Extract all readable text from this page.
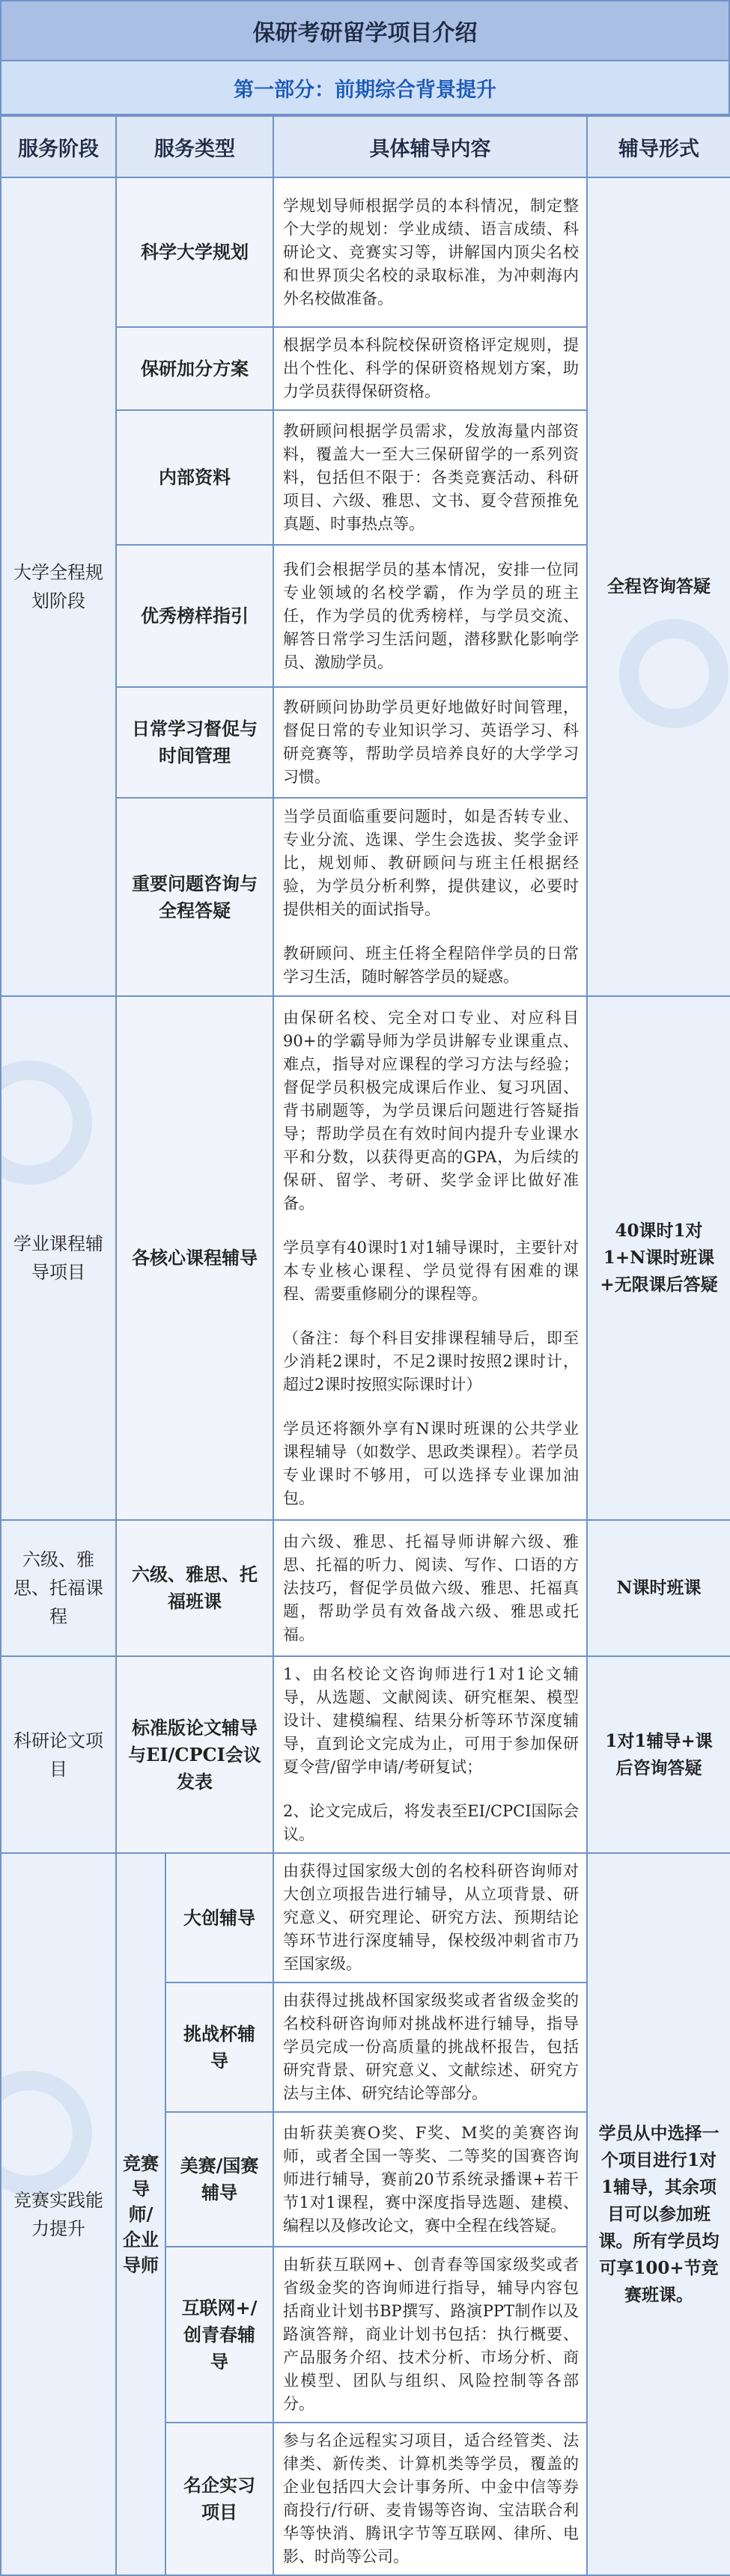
保研考研留学项目介绍
第一部分：前期综合背景提升
服务阶段	服务类型		具体辅导内容	辅导形式
大学全程规划阶段	科学大学规划		学规划导师根据学员的本科情况，制定整个大学的规划：学业成绩、语言成绩、科研论文、竞赛实习等，讲解国内顶尖名校和世界顶尖名校的录取标准，为冲刺海内外名校做准备。	全程咨询答疑
	保研加分方案		根据学员本科院校保研资格评定规则，提出个性化、科学的保研资格规划方案，助力学员获得保研资格。	

	内部资料		教研顾问根据学员需求，发放海量内部资料，覆盖大一至大三保研留学的一系列资料，包括但不限于：各类竞赛活动、科研项目、六级、雅思、文书、夏令营预推免真题、时事热点等。	

	优秀榜样指引		我们会根据学员的基本情况，安排一位同专业领域的名校学霸，作为学员的班主任，作为学员的优秀榜样，与学员交流、解答日常学习生活问题，潜移默化影响学员、激励学员。	

	日常学习督促与时间管理		教研顾问协助学员更好地做好时间管理，督促日常的专业知识学习、英语学习、科研竞赛等，帮助学员培养良好的大学学习习惯。	

	重要问题咨询与全程答疑		当学员面临重要问题时，如是否转专业、专业分流、选课、学生会选拔、奖学金评比，规划师、教研顾问与班主任根据经验，为学员分析利弊，提供建议，必要时提供相关的面试指导。

教研顾问、班主任将全程陪伴学员的日常学习生活，随时解答学员的疑惑。	

学业课程辅导项目	各核心课程辅导		由保研名校、完全对口专业、对应科目90+的学霸导师为学员讲解专业课重点、难点，指导对应课程的学习方法与经验；督促学员积极完成课后作业、复习巩固、背书刷题等，为学员课后问题进行答疑指导；帮助学员在有效时间内提升专业课水平和分数，以获得更高的GPA，为后续的保研、留学、考研、奖学金评比做好准备。

学员享有40课时1对1辅导课时，主要针对本专业核心课程、学员觉得有困难的课程、需要重修刷分的课程等。

（备注：每个科目安排课程辅导后，即至少消耗2课时，不足2课时按照2课时计，超过2课时按照实际课时计）

学员还将额外享有N课时班课的公共学业课程辅导（如数学、思政类课程）。若学员专业课时不够用，可以选择专业课加油包。	40课时1对1+N课时班课+无限课后答疑
六级、雅思、托福课程	六级、雅思、托福班课		由六级、雅思、托福导师讲解六级、雅思、托福的听力、阅读、写作、口语的方法技巧，督促学员做六级、雅思、托福真题，帮助学员有效备战六级、雅思或托福。	N课时班课
科研论文项目	标准版论文辅导与EI/CPCI会议发表		1、由名校论文咨询师进行1对1论文辅导，从选题、文献阅读、研究框架、模型设计、建模编程、结果分析等环节深度辅导，直到论文完成为止，可用于参加保研夏令营/留学申请/考研复试；

2、论文完成后，将发表至EI/CPCI国际会议。	1对1辅导+课后咨询答疑
竞赛实践能力提升	竞赛导师/企业导师	大创辅导	由获得过国家级大创的名校科研咨询师对大创立项报告进行辅导，从立项背景、研究意义、研究理论、研究方法、预期结论等环节进行深度辅导，保校级冲刺省市乃至国家级。	学员从中选择一个项目进行1对1辅导，其余项目可以参加班课。所有学员均可享100+节竞赛班课。
		挑战杯辅导	由获得过挑战杯国家级奖或者省级金奖的名校科研咨询师对挑战杯进行辅导，指导学员完成一份高质量的挑战杯报告，包括研究背景、研究意义、文献综述、研究方法与主体、研究结论等部分。	

		美赛/国赛辅导	由斩获美赛O奖、F奖、M奖的美赛咨询师，或者全国一等奖、二等奖的国赛咨询师进行辅导，赛前20节系统录播课+若干节1对1课程，赛中深度指导选题、建模、编程以及修改论文，赛中全程在线答疑。	

		互联网+/创青春辅导	由斩获互联网+、创青春等国家级奖或者省级金奖的咨询师进行指导，辅导内容包括商业计划书BP撰写、路演PPT制作以及路演答辩，商业计划书包括：执行概要、产品服务介绍、技术分析、市场分析、商业模型、团队与组织、风险控制等各部分。	

		名企实习项目	参与名企远程实习项目，适合经管类、法律类、新传类、计算机类等学员，覆盖的企业包括四大会计事务所、中金中信等券商投行/行研、麦肯锡等咨询、宝洁联合利华等快消、腾讯字节等互联网、律所、电影、时尚等公司。	
